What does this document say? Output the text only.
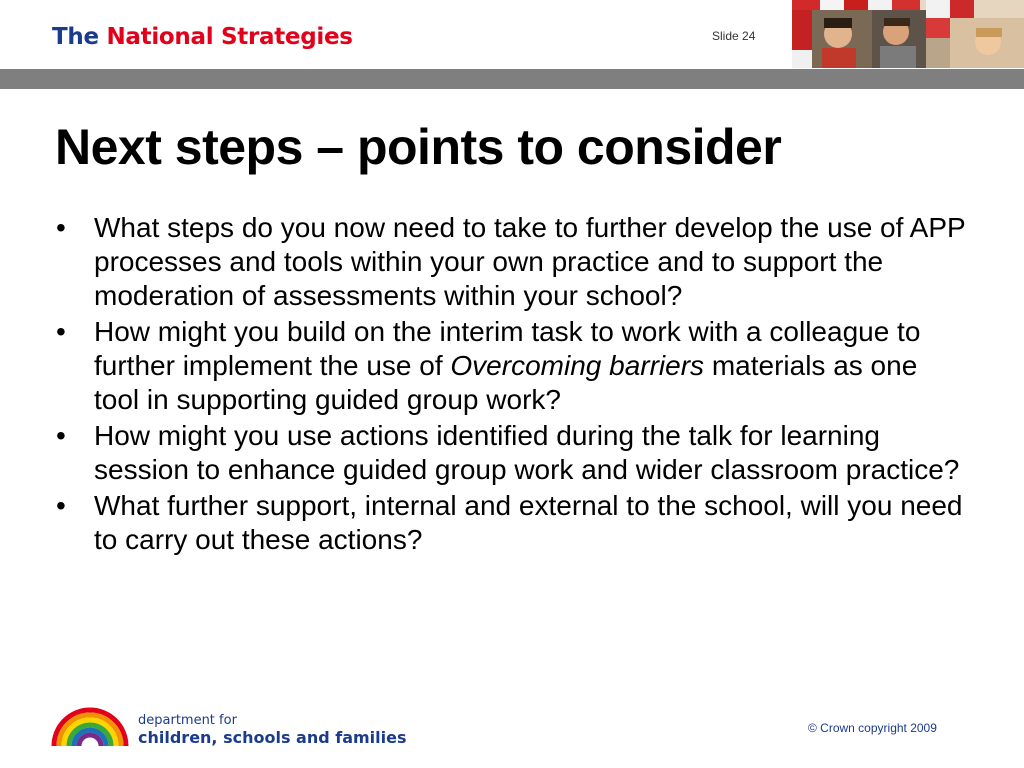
The National Strategies	Slide 24
Next steps – points to consider
• What steps do you now need to take to further develop the use of APP processes and tools within your own practice and to support the moderation of assessments within your school?
• How might you build on the interim task to work with a colleague to further implement the use of Overcoming barriers materials as one tool in supporting guided group work?
• How might you use actions identified during the talk for learning session to enhance guided group work and wider classroom practice?
• What further support, internal and external to the school, will you need to carry out these actions?
department for
children, schools and families	© Crown copyright 2009
